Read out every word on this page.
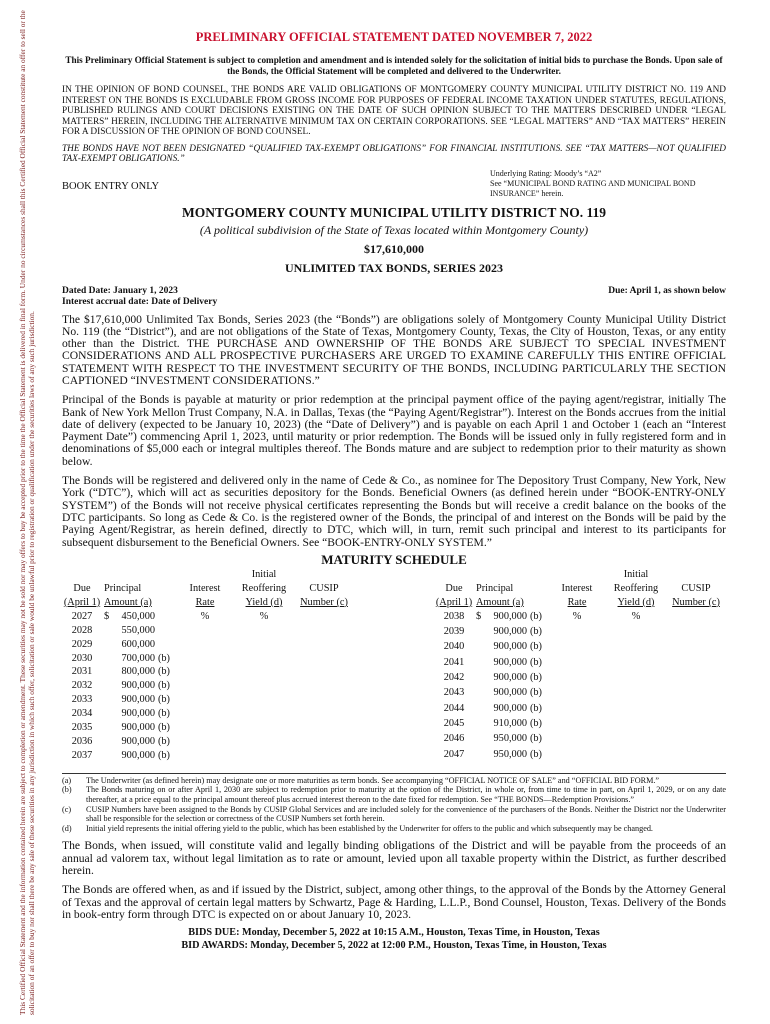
This Certified Official Statement and the information contained herein are subject to completion or amendment. These securities may not be sold nor may offers to buy be accepted prior to the time the Official Statement is delivered in final form. Under no circumstances shall this Certified Official Statement constitute an offer to sell or the solicitation of an offer to buy nor shall there be any sale of these securities in any jurisdiction in which such offer, solicitation or sale would be unlawful prior to registration or qualification under the securities laws of any such jurisdiction.
PRELIMINARY OFFICIAL STATEMENT DATED NOVEMBER 7, 2022

This Preliminary Official Statement is subject to completion and amendment and is intended solely for the solicitation of initial bids to purchase the Bonds. Upon sale of the Bonds, the Official Statement will be completed and delivered to the Underwriter.

IN THE OPINION OF BOND COUNSEL, THE BONDS ARE VALID OBLIGATIONS OF MONTGOMERY COUNTY MUNICIPAL UTILITY DISTRICT NO. 119 AND INTEREST ON THE BONDS IS EXCLUDABLE FROM GROSS INCOME FOR PURPOSES OF FEDERAL INCOME TAXATION UNDER STATUTES, REGULATIONS, PUBLISHED RULINGS AND COURT DECISIONS EXISTING ON THE DATE OF SUCH OPINION SUBJECT TO THE MATTERS DESCRIBED UNDER “LEGAL MATTERS” HEREIN, INCLUDING THE ALTERNATIVE MINIMUM TAX ON CERTAIN CORPORATIONS. SEE “LEGAL MATTERS” AND “TAX MATTERS” HEREIN FOR A DISCUSSION OF THE OPINION OF BOND COUNSEL.

THE BONDS HAVE NOT BEEN DESIGNATED “QUALIFIED TAX-EXEMPT OBLIGATIONS” FOR FINANCIAL INSTITUTIONS. SEE “TAX MATTERS—NOT QUALIFIED TAX-EXEMPT OBLIGATIONS.”

BOOK ENTRY ONLY
Underlying Rating: Moody’s “A2”
See “MUNICIPAL BOND RATING AND MUNICIPAL BOND INSURANCE” herein.
MONTGOMERY COUNTY MUNICIPAL UTILITY DISTRICT NO. 119
(A political subdivision of the State of Texas located within Montgomery County)
$17,610,000
UNLIMITED TAX BONDS, SERIES 2023
Dated Date: January 1, 2023	Due: April 1, as shown below
Interest accrual date: Date of Delivery

The $17,610,000 Unlimited Tax Bonds, Series 2023 (the “Bonds”) are obligations solely of Montgomery County Municipal Utility District No. 119 (the “District”), and are not obligations of the State of Texas, Montgomery County, Texas, the City of Houston, Texas, or any entity other than the District. THE PURCHASE AND OWNERSHIP OF THE BONDS ARE SUBJECT TO SPECIAL INVESTMENT CONSIDERATIONS AND ALL PROSPECTIVE PURCHASERS ARE URGED TO EXAMINE CAREFULLY THIS ENTIRE OFFICIAL STATEMENT WITH RESPECT TO THE INVESTMENT SECURITY OF THE BONDS, INCLUDING PARTICULARLY THE SECTION CAPTIONED “INVESTMENT CONSIDERATIONS.”

Principal of the Bonds is payable at maturity or prior redemption at the principal payment office of the paying agent/registrar, initially The Bank of New York Mellon Trust Company, N.A. in Dallas, Texas (the “Paying Agent/Registrar”). Interest on the Bonds accrues from the initial date of delivery (expected to be January 10, 2023) (the “Date of Delivery”) and is payable on each April 1 and October 1 (each an “Interest Payment Date”) commencing April 1, 2023, until maturity or prior redemption. The Bonds will be issued only in fully registered form and in denominations of $5,000 each or integral multiples thereof. The Bonds mature and are subject to redemption prior to their maturity as shown below.

The Bonds will be registered and delivered only in the name of Cede & Co., as nominee for The Depository Trust Company, New York, New York (“DTC”), which will act as securities depository for the Bonds. Beneficial Owners (as defined herein under “BOOK-ENTRY-ONLY SYSTEM”) of the Bonds will not receive physical certificates representing the Bonds but will receive a credit balance on the books of the DTC participants. So long as Cede & Co. is the registered owner of the Bonds, the principal of and interest on the Bonds will be paid by the Paying Agent/Registrar, as herein defined, directly to DTC, which will, in turn, remit such principal and interest to its participants for subsequent disbursement to the Beneficial Owners. See “BOOK-ENTRY-ONLY SYSTEM.”

MATURITY SCHEDULE
			Initial	
Due	Principal	Interest	Reoffering	CUSIP
(April 1)	Amount (a)	Rate	Yield (d)	Number (c)
2027	$ 450,000	%	%	
2028	550,000			
2029	600,000			
2030	700,000 (b)			
2031	800,000 (b)			
2032	900,000 (b)			
2033	900,000 (b)			
2034	900,000 (b)			
2035	900,000 (b)			
2036	900,000 (b)			
2037	900,000 (b)			
			Initial	
Due	Principal	Interest	Reoffering	CUSIP
(April 1)	Amount (a)	Rate	Yield (d)	Number (c)
2038	$ 900,000 (b)	%	%	
2039	900,000 (b)			
2040	900,000 (b)			
2041	900,000 (b)			
2042	900,000 (b)			
2043	900,000 (b)			
2044	900,000 (b)			
2045	910,000 (b)			
2046	950,000 (b)			
2047	950,000 (b)			
(a)	The Underwriter (as defined herein) may designate one or more maturities as term bonds. See accompanying “OFFICIAL NOTICE OF SALE” and “OFFICIAL BID FORM.”
(b)	The Bonds maturing on or after April 1, 2030 are subject to redemption prior to maturity at the option of the District, in whole or, from time to time in part, on April 1, 2029, or on any date thereafter, at a price equal to the principal amount thereof plus accrued interest thereon to the date fixed for redemption. See “THE BONDS—Redemption Provisions.”
(c)	CUSIP Numbers have been assigned to the Bonds by CUSIP Global Services and are included solely for the convenience of the purchasers of the Bonds. Neither the District nor the Underwriter shall be responsible for the selection or correctness of the CUSIP Numbers set forth herein.
(d)	Initial yield represents the initial offering yield to the public, which has been established by the Underwriter for offers to the public and which subsequently may be changed.

The Bonds, when issued, will constitute valid and legally binding obligations of the District and will be payable from the proceeds of an annual ad valorem tax, without legal limitation as to rate or amount, levied upon all taxable property within the District, as further described herein.

The Bonds are offered when, as and if issued by the District, subject, among other things, to the approval of the Bonds by the Attorney General of Texas and the approval of certain legal matters by Schwartz, Page & Harding, L.L.P., Bond Counsel, Houston, Texas. Delivery of the Bonds in book-entry form through DTC is expected on or about January 10, 2023.

BIDS DUE: Monday, December 5, 2022 at 10:15 A.M., Houston, Texas Time, in Houston, Texas
BID AWARDS: Monday, December 5, 2022 at 12:00 P.M., Houston, Texas Time, in Houston, Texas
